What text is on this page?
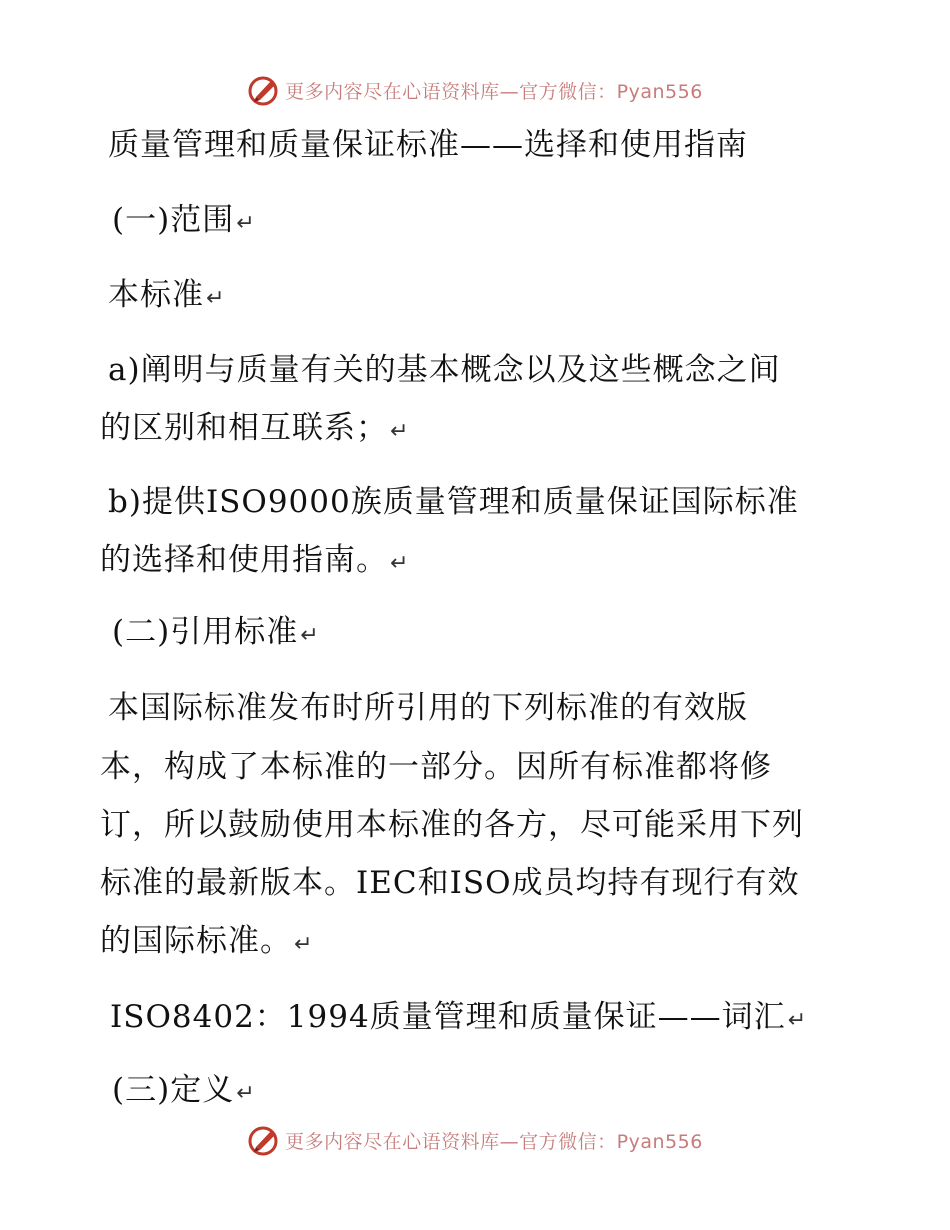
更多内容尽在心语资料库—官方微信：Pyan556
质量管理和质量保证标准——选择和使用指南
(一)范围↵
本标准↵
a)阐明与质量有关的基本概念以及这些概念之间
的区别和相互联系；↵
b)提供ISO9000族质量管理和质量保证国际标准
的选择和使用指南。↵
(二)引用标准↵
本国际标准发布时所引用的下列标准的有效版
本，构成了本标准的一部分。因所有标准都将修
订，所以鼓励使用本标准的各方，尽可能采用下列
标准的最新版本。IEC和ISO成员均持有现行有效
的国际标准。↵
ISO8402：1994质量管理和质量保证——词汇↵
(三)定义↵
更多内容尽在心语资料库—官方微信：Pyan556
